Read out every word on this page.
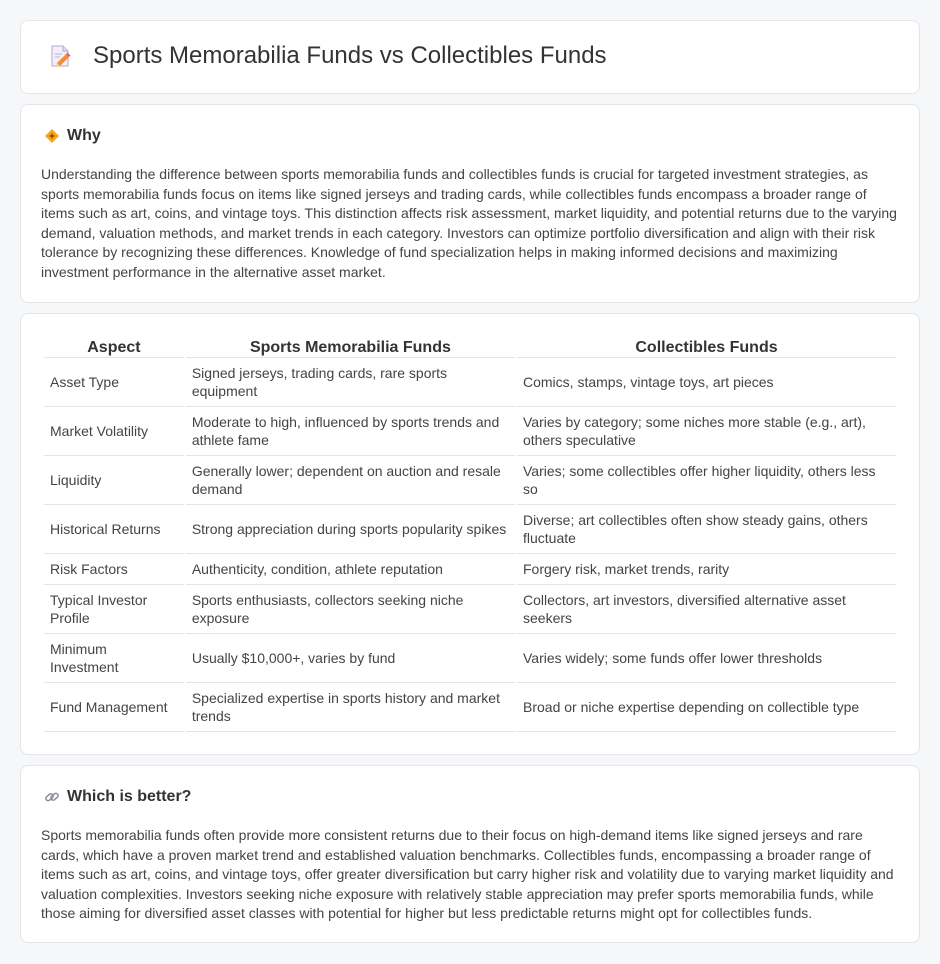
Sports Memorabilia Funds vs Collectibles Funds
Why

Understanding the difference between sports memorabilia funds and collectibles funds is crucial for targeted investment strategies, as sports memorabilia funds focus on items like signed jerseys and trading cards, while collectibles funds encompass a broader range of items such as art, coins, and vintage toys. This distinction affects risk assessment, market liquidity, and potential returns due to the varying demand, valuation methods, and market trends in each category. Investors can optimize portfolio diversification and align with their risk tolerance by recognizing these differences. Knowledge of fund specialization helps in making informed decisions and maximizing investment performance in the alternative asset market.

Aspect	Sports Memorabilia Funds	Collectibles Funds
Asset Type	Signed jerseys, trading cards, rare sports equipment	Comics, stamps, vintage toys, art pieces
Market Volatility	Moderate to high, influenced by sports trends and athlete fame	Varies by category; some niches more stable (e.g., art), others speculative
Liquidity	Generally lower; dependent on auction and resale demand	Varies; some collectibles offer higher liquidity, others less so
Historical Returns	Strong appreciation during sports popularity spikes	Diverse; art collectibles often show steady gains, others fluctuate
Risk Factors	Authenticity, condition, athlete reputation	Forgery risk, market trends, rarity
Typical Investor Profile	Sports enthusiasts, collectors seeking niche exposure	Collectors, art investors, diversified alternative asset seekers
Minimum Investment	Usually $10,000+, varies by fund	Varies widely; some funds offer lower thresholds
Fund Management	Specialized expertise in sports history and market trends	Broad or niche expertise depending on collectible type
Which is better?

Sports memorabilia funds often provide more consistent returns due to their focus on high-demand items like signed jerseys and rare cards, which have a proven market trend and established valuation benchmarks. Collectibles funds, encompassing a broader range of items such as art, coins, and vintage toys, offer greater diversification but carry higher risk and volatility due to varying market liquidity and valuation complexities. Investors seeking niche exposure with relatively stable appreciation may prefer sports memorabilia funds, while those aiming for diversified asset classes with potential for higher but less predictable returns might opt for collectibles funds.
